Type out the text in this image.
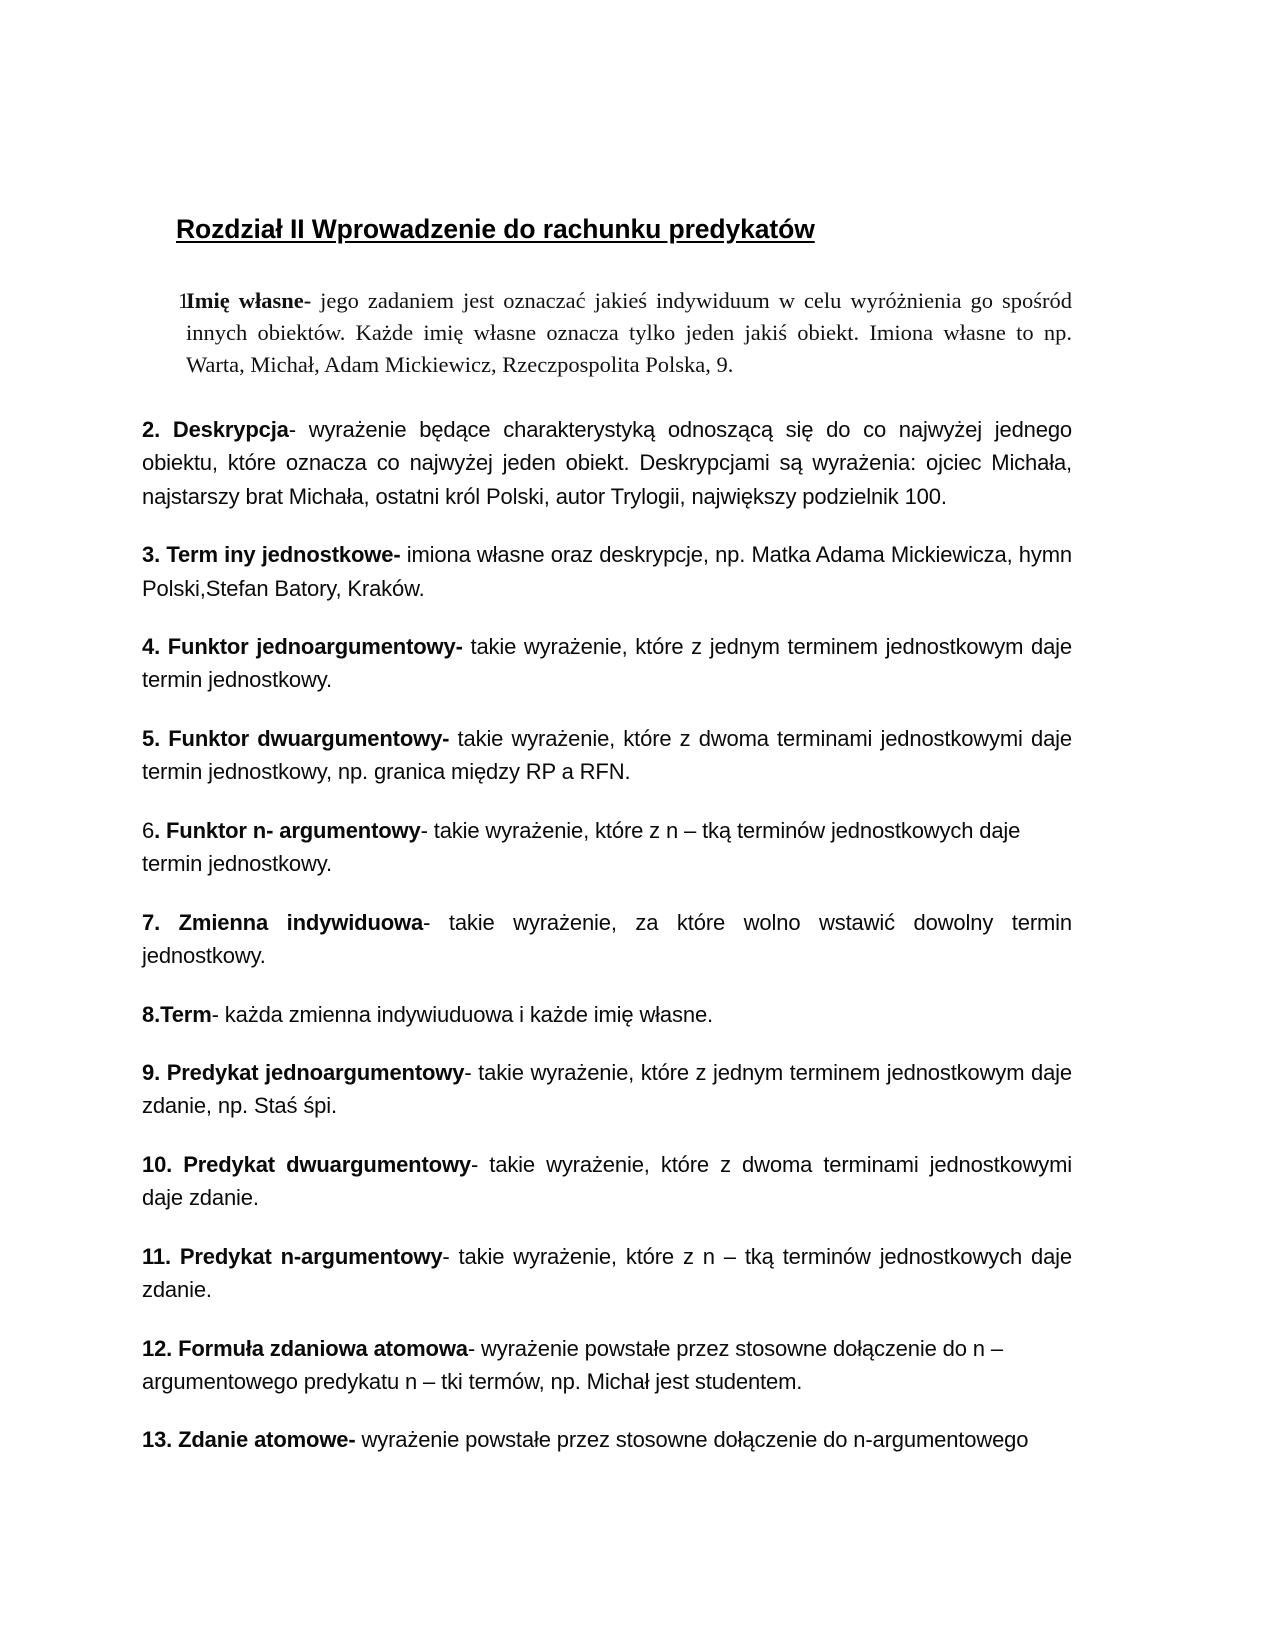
Rozdział II Wprowadzenie do rachunku predykatów
1
Imię własne- jego zadaniem jest oznaczać jakieś indywiduum w celu wyróżnienia go spośród innych obiektów. Każde imię własne oznacza tylko jeden jakiś obiekt. Imiona własne to np. Warta, Michał, Adam Mickiewicz, Rzeczpospolita Polska, 9.

2. Deskrypcja- wyrażenie będące charakterystyką odnoszącą się do co najwyżej jednego obiektu, które oznacza co najwyżej jeden obiekt. Deskrypcjami są wyrażenia: ojciec Michała, najstarszy brat Michała, ostatni król Polski, autor Trylogii, największy podzielnik 100.

3. Term iny jednostkowe- imiona własne oraz deskrypcje, np. Matka Adama Mickiewicza, hymn Polski,Stefan Batory, Kraków.

4. Funktor jednoargumentowy- takie wyrażenie, które z jednym terminem jednostkowym daje termin jednostkowy.

5. Funktor dwuargumentowy- takie wyrażenie, które z dwoma terminami jednostkowymi daje termin jednostkowy, np. granica między RP a RFN.

6. Funktor n- argumentowy- takie wyrażenie, które z n – tką terminów jednostkowych daje termin jednostkowy.

7. Zmienna indywiduowa- takie wyrażenie, za które wolno wstawić dowolny termin jednostkowy.

8.Term- każda zmienna indywiuduowa i każde imię własne.

9. Predykat jednoargumentowy- takie wyrażenie, które z jednym terminem jednostkowym daje zdanie, np. Staś śpi.

10. Predykat dwuargumentowy- takie wyrażenie, które z dwoma terminami jednostkowymi daje zdanie.

11. Predykat n-argumentowy- takie wyrażenie, które z n – tką terminów jednostkowych daje zdanie.

12. Formuła zdaniowa atomowa- wyrażenie powstałe przez stosowne dołączenie do n – argumentowego predykatu n – tki termów, np. Michał jest studentem.

13. Zdanie atomowe- wyrażenie powstałe przez stosowne dołączenie do n-argumentowego
